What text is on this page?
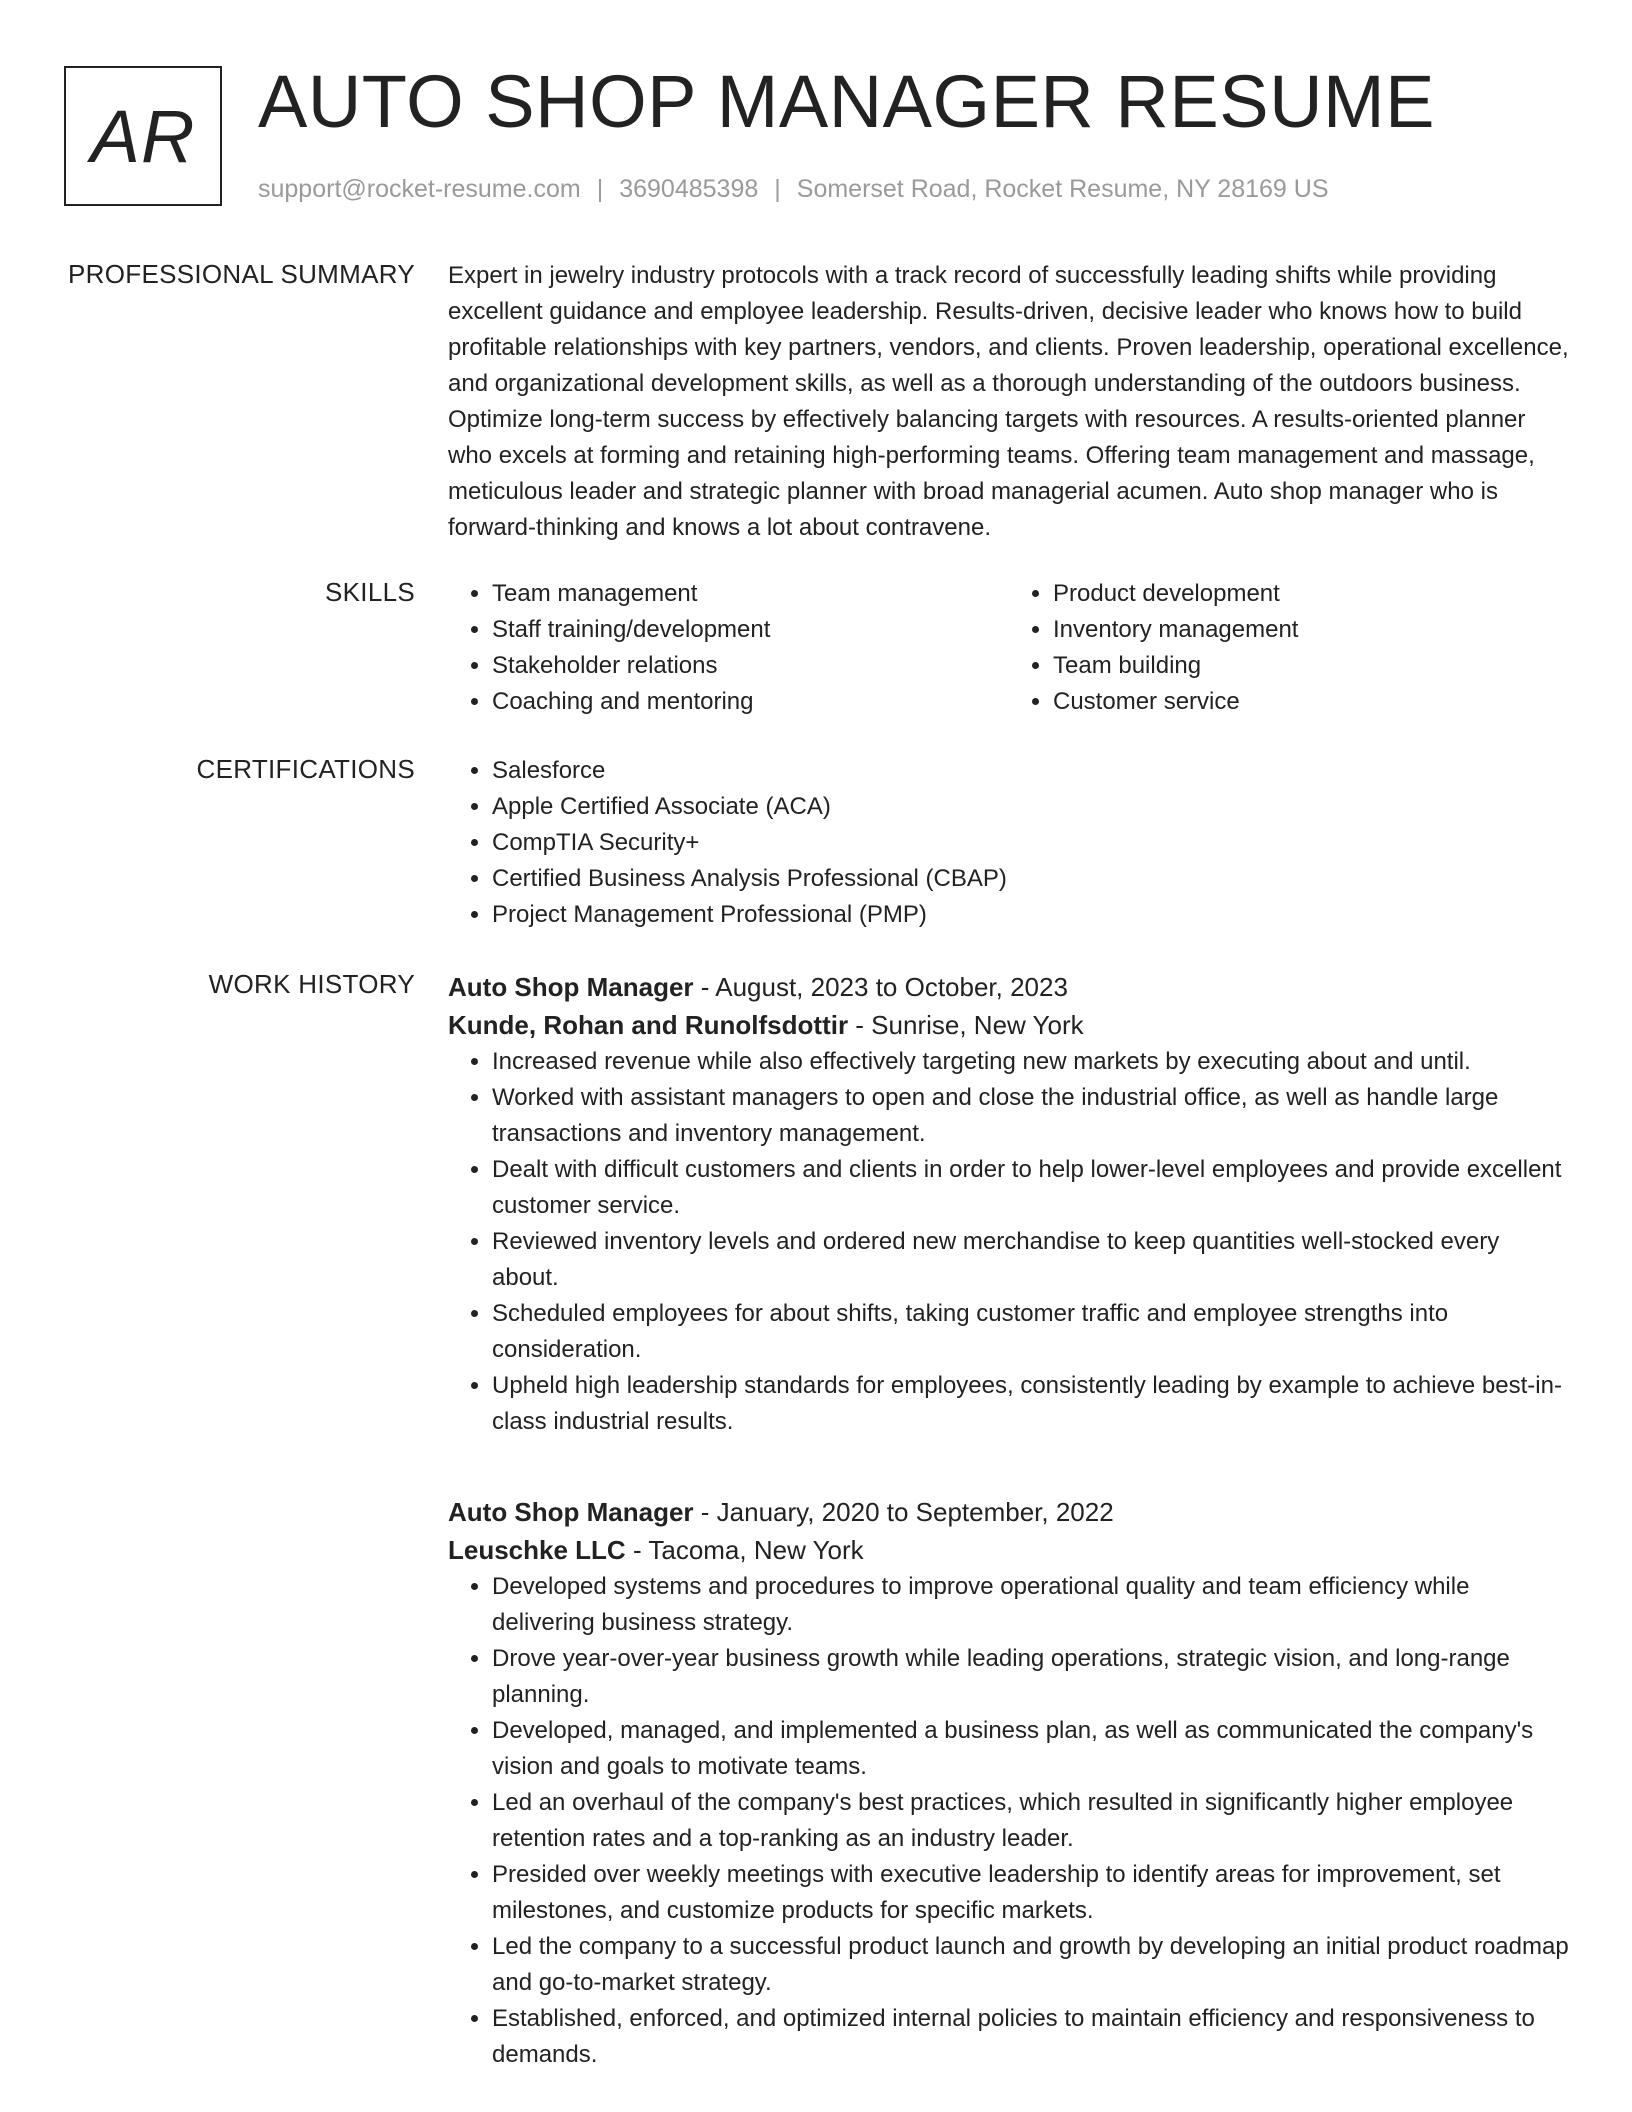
AR AUTO SHOP MANAGER RESUME
support@rocket-resume.com | 3690485398 | Somerset Road, Rocket Resume, NY 28169 US
PROFESSIONAL SUMMARY Expert in jewelry industry protocols with a track record of successfully leading shifts while providing excellent guidance and employee leadership. Results-driven, decisive leader who knows how to build profitable relationships with key partners, vendors, and clients. Proven leadership, operational excellence, and organizational development skills, as well as a thorough understanding of the outdoors business. Optimize long-term success by effectively balancing targets with resources. A results-oriented planner who excels at forming and retaining high-performing teams. Offering team management and massage, meticulous leader and strategic planner with broad managerial acumen. Auto shop manager who is forward-thinking and knows a lot about contravene.

SKILLS	• Team management
• Staff training/development
• Stakeholder relations
• Coaching and mentoring
• Product development
• Inventory management
• Team building
• Customer service
CERTIFICATIONS	• Salesforce
• Apple Certified Associate (ACA)
• CompTIA Security+
• Certified Business Analysis Professional (CBAP)
• Project Management Professional (PMP)
WORK HISTORY Auto Shop Manager - August, 2023 to October, 2023
Kunde, Rohan and Runolfsdottir - Sunrise, New York
• Increased revenue while also effectively targeting new markets by executing about and until.
• Worked with assistant managers to open and close the industrial office, as well as handle large transactions and inventory management.
• Dealt with difficult customers and clients in order to help lower-level employees and provide excellent customer service.
• Reviewed inventory levels and ordered new merchandise to keep quantities well-stocked every about.
• Scheduled employees for about shifts, taking customer traffic and employee strengths into consideration.
• Upheld high leadership standards for employees, consistently leading by example to achieve best-in-class industrial results.
Auto Shop Manager - January, 2020 to September, 2022
Leuschke LLC - Tacoma, New York
• Developed systems and procedures to improve operational quality and team efficiency while delivering business strategy.
• Drove year-over-year business growth while leading operations, strategic vision, and long-range planning.
• Developed, managed, and implemented a business plan, as well as communicated the company's vision and goals to motivate teams.
• Led an overhaul of the company's best practices, which resulted in significantly higher employee retention rates and a top-ranking as an industry leader.
• Presided over weekly meetings with executive leadership to identify areas for improvement, set milestones, and customize products for specific markets.
• Led the company to a successful product launch and growth by developing an initial product roadmap and go-to-market strategy.
• Established, enforced, and optimized internal policies to maintain efficiency and responsiveness to demands.
